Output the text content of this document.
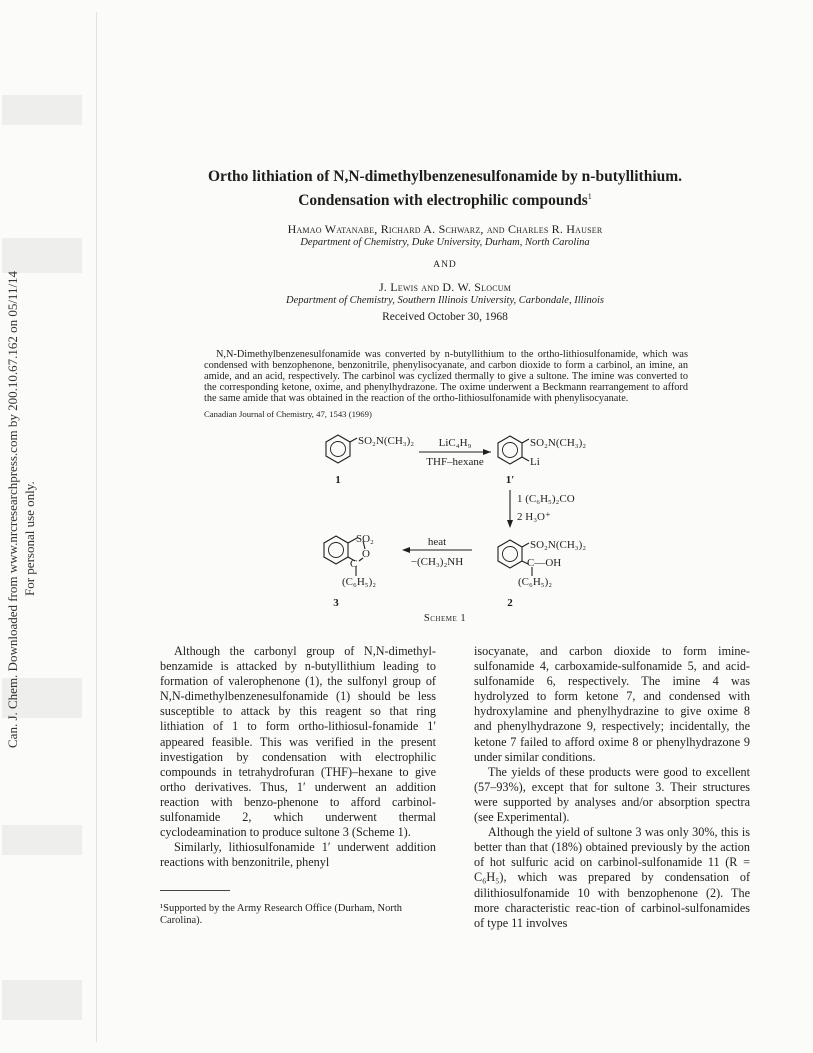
Can. J. Chem. Downloaded from www.nrcresearchpress.com by 200.10.67.162 on 05/11/14 For personal use only.
Ortho lithiation of N,N-dimethylbenzenesulfonamide by n-butyllithium.
Condensation with electrophilic compounds$^1$
Hamao Watanabe, Richard A. Schwarz, and Charles R. Hauser
Department of Chemistry, Duke University, Durham, North Carolina
AND
J. Lewis and D. W. Slocum
Department of Chemistry, Southern Illinois University, Carbondale, Illinois
Received October 30, 1968
N,N-Dimethylbenzenesulfonamide was converted by n-butyllithium to the ortho-lithiosulfonamide, which was condensed with benzophenone, benzonitrile, phenylisocyanate, and carbon dioxide to form a carbinol, an imine, an amide, and an acid, respectively. The carbinol was cyclized thermally to give a sultone. The imine was converted to the corresponding ketone, oxime, and phenylhydrazone. The oxime underwent a Beckmann rearrangement to afford the same amide that was obtained in the reaction of the ortho-lithiosulfonamide with phenylisocyanate.
Canadian Journal of Chemistry, 47, 1543 (1969)
SO₂N(CH₃)₂
1
LiC₄H₉
THF–hexane
SO₂N(CH₃)₂
Li
1′
1 (C₆H₅)₂CO
2 H₃O⁺
SO₂N(CH₃)₂
C—OH
(C₆H₅)₂
2
heat
−(CH₃)₂NH
SO₂
O
C
(C₆H₅)₂
3
Scheme 1

Although the carbonyl group of N,N-dimethyl-benzamide is attacked by n-butyllithium leading to formation of valerophenone (1), the sulfonyl group of N,N-dimethylbenzenesulfonamide (1) should be less susceptible to attack by this reagent so that ring lithiation of 1 to form ortho-lithiosul-fonamide 1′ appeared feasible. This was verified in the present investigation by condensation with electrophilic compounds in tetrahydrofuran (THF)–hexane to give ortho derivatives. Thus, 1′ underwent an addition reaction with benzo-phenone to afford carbinol-sulfonamide 2, which underwent thermal cyclodeamination to produce sultone 3 (Scheme 1).

Similarly, lithiosulfonamide 1′ underwent addition reactions with benzonitrile, phenyl

isocyanate, and carbon dioxide to form imine-sulfonamide 4, carboxamide-sulfonamide 5, and acid-sulfonamide 6, respectively. The imine 4 was hydrolyzed to form ketone 7, and condensed with hydroxylamine and phenylhydrazine to give oxime 8 and phenylhydrazone 9, respectively; incidentally, the ketone 7 failed to afford oxime 8 or phenylhydrazone 9 under similar conditions.

The yields of these products were good to excellent (57–93%), except that for sultone 3. Their structures were supported by analyses and/or absorption spectra (see Experimental).

Although the yield of sultone 3 was only 30%, this is better than that (18%) obtained previously by the action of hot sulfuric acid on carbinol-sulfonamide 11 (R = C₆H₅), which was prepared by condensation of dilithiosulfonamide 10 with benzophenone (2). The more characteristic reac-tion of carbinol-sulfonamides of type 11 involves

¹Supported by the Army Research Office (Durham, North Carolina).
